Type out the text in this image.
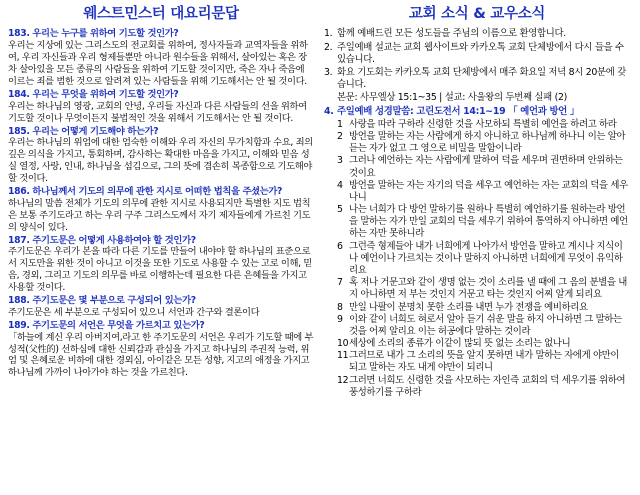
웨스트민스터 대요리문답

183. 우리는 누구를 위하여 기도할 것인가?

우리는 지상에 있는 그리스도의 전교회를 위하여, 정사자들과 교역자들을 위하여, 우리 자신들과 우리 형제들뿐만 아니라 원수들을 위해서, 살아있는 혹은 장차 살아있을 모든 종류의 사람들을 위하여 기도할 것이지만, 죽은 자나 죽음에 이르는 죄를 범한 것으로 알려져 있는 사람들을 위해 기도해서는 안 될 것이다.

184. 우리는 무엇을 위하여 기도할 것인가?

우리는 하나님의 영광, 교회의 안녕, 우리들 자신과 다른 사람들의 선을 위하여 기도할 것이나 무엇이든지 불법적인 것을 위해서 기도해서는 안 될 것이다.

185. 우리는 어떻게 기도해야 하는가?

우리는 하나님의 위엄에 대한 엄숙한 이해와 우리 자신의 무가치함과 수요, 죄의 깊은 의식을 가지고, 통회하며, 감사하는 확대한 마음을 가지고, 이해와 믿음 성실 열정, 사랑, 인내, 하나님을 섬김으로, 그의 뜻에 겸손히 복종함으로 기도해야 할 것이다.

186. 하나님께서 기도의 의무에 관한 지시로 어떠한 법칙을 주셨는가?

하나님의 말씀 전체가 기도의 의무에 관한 지시로 사용되지만 특별한 지도 법칙은 보통 주기도라고 하는 우리 구주 그리스도께서 자기 제자들에게 가르친 기도의 양식이 있다.

187. 주기도문은 어떻게 사용하여야 할 것인가?

주기도문은 우리가 본을 따라 다른 기도를 만들어 내야야 할 하나님의 표준으로서 지도만을 위한 것이 아니고 이것을 또한 기도로 사용할 수 있는 고로 이해, 믿음, 경외, 그리고 기도의 의무를 바로 이행하는데 필요한 다른 은혜들을 가지고 사용할 것이다.

188. 주기도문은 몇 부분으로 구성되어 있는가?

주기도문은 세 부분으로 구성되어 있으니 서언과 간구와 결론이다

189. 주기도문의 서언은 무엇을 가르치고 있는가?

「하늘에 계신 우리 아버지여,라고 한 주기도문의 서언은 우리가 기도할 때에 부성적(父性的) 선하심에 대한 신뢰감과 관심을 가지고 하나님의 주권적 능력, 위엄 및 은혜로운 비하에 대한 경외심, 아이같은 모든 성향, 지고의 애정을 가지고 하나님께 가까이 나아가야 하는 것을 가르친다.

교회 소식 & 교우소식
1. 함께 예배드린 모든 성도들을 주님의 이름으로 환영합니다.
2. 주일예배 설교는 교회 웹사이트와 카카오톡 교회 단체방에서 다시 들을 수 있습니다.
3. 화요 기도회는 카카오톡 교회 단체방에서 매주 화요일 저녁 8시 20분에 갖습니다.
본문: 사무엘상 15:1~35 | 설교: 사울왕의 두번째 실패 (2)
4. 주일예배 성경말씀: 고린도전서 14:1~19 「 예언과 방언 」
1 사랑을 따라 구하라 신령한 것을 사모하되 특별히 예언을 하려고 하라
2 방언을 말하는 자는 사람에게 하지 아니하고 하나님께 하나니 이는 알아 듣는 자가 없고 그 영으로 비밀을 말함이니라
3 그러나 예언하는 자는 사람에게 말하여 덕을 세우며 권면하며 안위하는 것이요
4 방언을 말하는 자는 자기의 덕을 세우고 예언하는 자는 교회의 덕을 세우나니
5 나는 너희가 다 방언 말하기를 원하나 특별히 예언하기를 원하는라 방언을 말하는 자가 만일 교회의 덕을 세우기 위하여 통역하지 아니하면 예언하는 자만 못하니라
6 그런즉 형제들아 내가 너희에게 나아가서 방언을 말하고 계시나 지식이나 예언이나 가르치는 것이나 말하지 아니하면 너희에게 무엇이 유익하리요
7 혹 저나 거문고와 같이 생명 없는 것이 소리를 낼 때에 그 음의 분별을 내지 아니하면 저 부는 것인지 거문고 타는 것인지 어찌 알게 되리요
8 만일 나팔이 분명치 못한 소리를 내면 누가 전쟁을 예비하리요
9 이와 같이 너희도 혀로서 알아 듣기 쉬운 말을 하지 아니하면 그 말하는 것을 어찌 알리요 이는 허공에다 말하는 것이라
10 세상에 소리의 종류가 이같이 많되 뜻 없는 소리는 없나니
11 그러므로 내가 그 소리의 뜻을 알지 못하면 내가 말하는 자에게 야만이 되고 말하는 자도 내게 야만이 되리니
12 그러면 너희도 신령한 것을 사모하는 자인즉 교회의 덕 세우기를 위하여 풍성하기를 구하라
